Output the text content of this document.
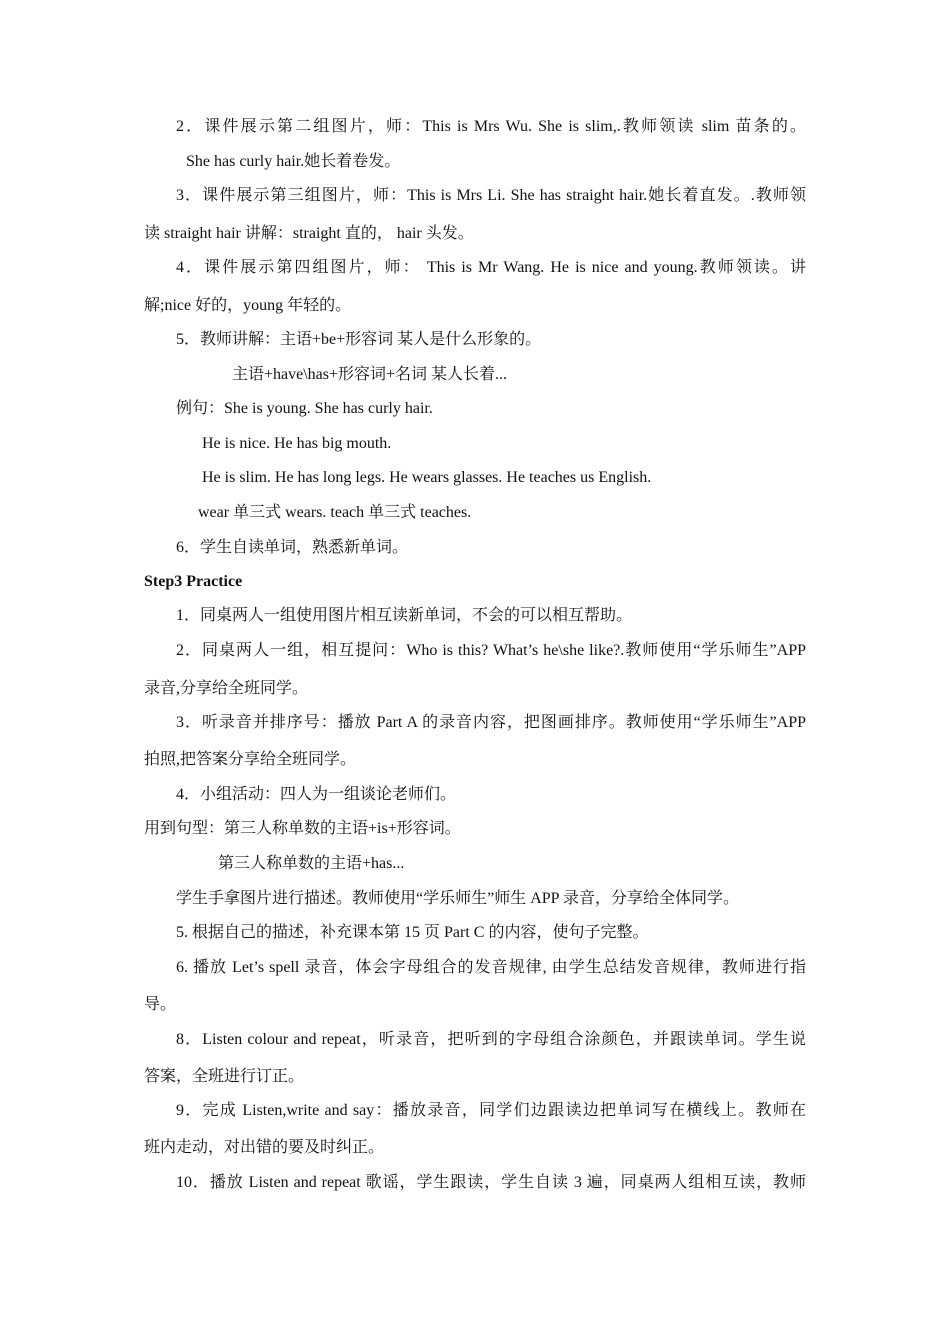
2．课件展示第二组图片，师：This is Mrs Wu. She is slim,.教师领读 slim 苗条的。
She has curly hair.她长着卷发。
3．课件展示第三组图片，师：This is Mrs Li. She has straight hair.她长着直发。.教师领
读 straight hair 讲解：straight 直的， hair 头发。
4．课件展示第四组图片，师： This is Mr Wang. He is nice and young.教师领读。讲
解;nice 好的，young 年轻的。
5．教师讲解：主语+be+形容词 某人是什么形象的。
主语+have\has+形容词+名词 某人长着...
例句：She is young. She has curly hair.
He is nice. He has big mouth.
He is slim. He has long legs. He wears glasses. He teaches us English.
wear 单三式 wears. teach 单三式 teaches.
6．学生自读单词，熟悉新单词。
Step3 Practice
1．同桌两人一组使用图片相互读新单词，不会的可以相互帮助。
2．同桌两人一组，相互提问：Who is this? What’s he\she like?.教师使用“学乐师生”APP
录音,分享给全班同学。
3．听录音并排序号：播放 Part A 的录音内容，把图画排序。教师使用“学乐师生”APP
拍照,把答案分享给全班同学。
4．小组活动：四人为一组谈论老师们。
用到句型：第三人称单数的主语+is+形容词。
第三人称单数的主语+has...
学生手拿图片进行描述。教师使用“学乐师生”师生 APP 录音，分享给全体同学。
5. 根据自己的描述，补充课本第 15 页 Part C 的内容，使句子完整。
6. 播放 Let’s spell 录音，体会字母组合的发音规律, 由学生总结发音规律，教师进行指
导。
8．Listen colour and repeat，听录音，把听到的字母组合涂颜色，并跟读单词。学生说
答案，全班进行订正。
9．完成 Listen,write and say：播放录音，同学们边跟读边把单词写在横线上。教师在
班内走动，对出错的要及时纠正。
10．播放 Listen and repeat 歌谣，学生跟读，学生自读 3 遍，同桌两人组相互读，教师
